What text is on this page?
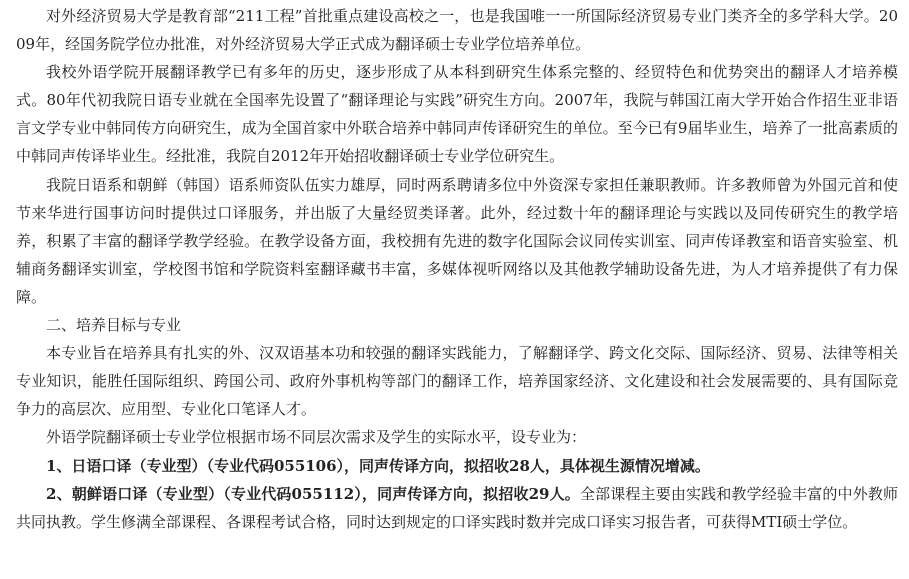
对外经济贸易大学是教育部“211工程”首批重点建设高校之一，也是我国唯一一所国际经济贸易专业门类齐全的多学科大学。2009年，经国务院学位办批准，对外经济贸易大学正式成为翻译硕士专业学位培养单位。

我校外语学院开展翻译教学已有多年的历史，逐步形成了从本科到研究生体系完整的、经贸特色和优势突出的翻译人才培养模式。80年代初我院日语专业就在全国率先设置了“翻译理论与实践”研究生方向。2007年，我院与韩国江南大学开始合作招生亚非语言文学专业中韩同传方向研究生，成为全国首家中外联合培养中韩同声传译研究生的单位。至今已有9届毕业生，培养了一批高素质的中韩同声传译毕业生。经批准，我院自2012年开始招收翻译硕士专业学位研究生。

我院日语系和朝鲜（韩国）语系师资队伍实力雄厚，同时两系聘请多位中外资深专家担任兼职教师。许多教师曾为外国元首和使节来华进行国事访问时提供过口译服务，并出版了大量经贸类译著。此外，经过数十年的翻译理论与实践以及同传研究生的教学培养，积累了丰富的翻译学教学经验。在教学设备方面，我校拥有先进的数字化国际会议同传实训室、同声传译教室和语音实验室、机辅商务翻译实训室，学校图书馆和学院资料室翻译藏书丰富，多媒体视听网络以及其他教学辅助设备先进，为人才培养提供了有力保障。

二、培养目标与专业

本专业旨在培养具有扎实的外、汉双语基本功和较强的翻译实践能力，了解翻译学、跨文化交际、国际经济、贸易、法律等相关专业知识，能胜任国际组织、跨国公司、政府外事机构等部门的翻译工作，培养国家经济、文化建设和社会发展需要的、具有国际竞争力的高层次、应用型、专业化口笔译人才。

外语学院翻译硕士专业学位根据市场不同层次需求及学生的实际水平，设专业为：

1、日语口译（专业型）（专业代码055106），同声传译方向，拟招收28人，具体视生源情况增减。

2、朝鲜语口译（专业型）（专业代码055112），同声传译方向，拟招收29人。全部课程主要由实践和教学经验丰富的中外教师共同执教。学生修满全部课程、各课程考试合格，同时达到规定的口译实践时数并完成口译实习报告者，可获得MTI硕士学位。
